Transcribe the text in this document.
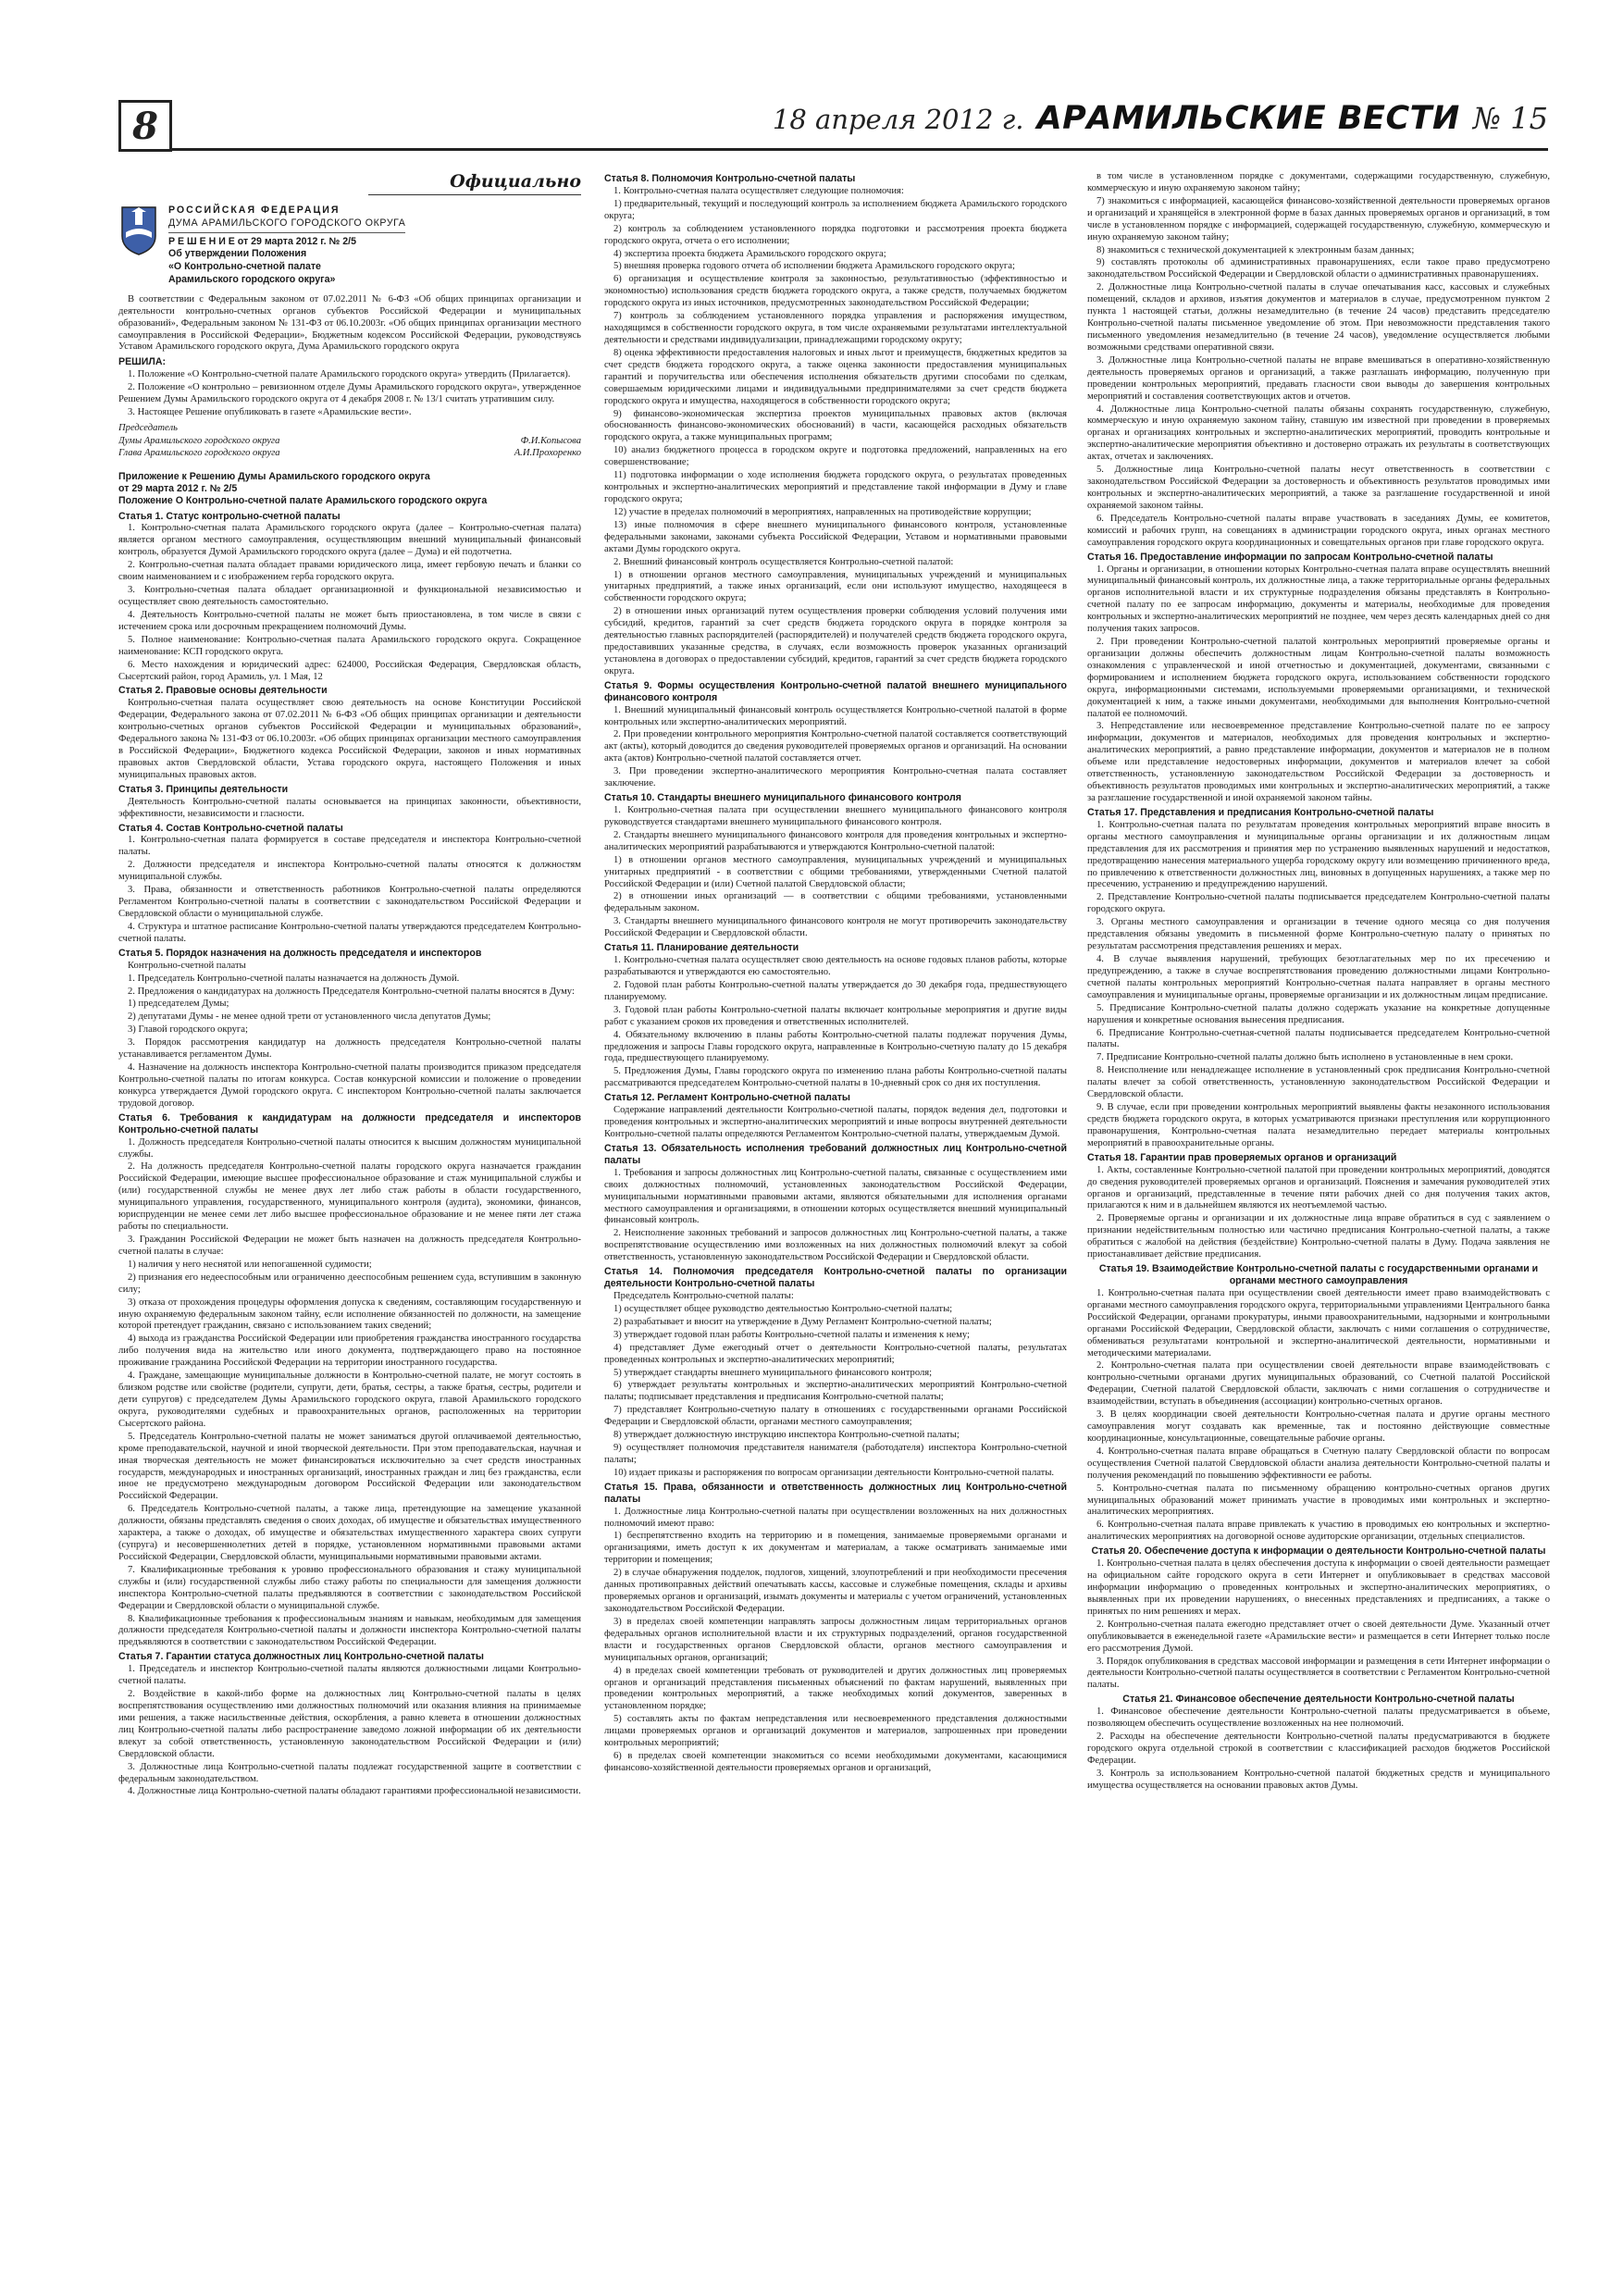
8	18 апреля 2012 г. АРАМИЛЬСКИЕ ВЕСТИ № 15
Официально
РОССИЙСКАЯ ФЕДЕРАЦИЯ
ДУМА АРАМИЛЬСКОГО ГОРОДСКОГО ОКРУГА
Р Е Ш Е Н И Е от 29 марта 2012 г. № 2/5
Об утверждении Положения
«О Контрольно-счетной палате
Арамильского городского округа»

В соответствии с Федеральным законом от 07.02.2011 № 6-ФЗ «Об общих принципах организации и деятельности контрольно-счетных органов субъектов Российской Федерации и муниципальных образований», Федеральным законом № 131-ФЗ от 06.10.2003г. «Об общих принципах организации местного самоуправления в Российской Федерации», Бюджетным кодексом Российской Федерации, руководствуясь Уставом Арамильского городского округа, Дума Арамильского городского округа

РЕШИЛА:

1. Положение «О Контрольно-счетной палате Арамильского городского округа» утвердить (Прилагается).

2. Положение «О контрольно – ревизионном отделе Думы Арамильского городского округа», утвержденное Решением Думы Арамильского городского округа от 4 декабря 2008 г. № 13/1 считать утратившим силу.

3. Настоящее Решение опубликовать в газете «Арамильские вести».

Председатель

Думы Арамильского городского округа	Ф.И.Копысова
Глава Арамильского городского округа	А.И.Прохоренко
Приложение к Решению Думы Арамильского городского округа
от 29 марта 2012 г. № 2/5
Положение О Контрольно-счетной палате Арамильского городского округа
Статья 1. Статус контрольно-счетной палаты

1. Контрольно-счетная палата Арамильского городского округа (далее – Контрольно-счетная палата) является органом местного самоуправления, осуществляющим внешний муниципальный финансовый контроль, образуется Думой Арамильского городского округа (далее – Дума) и ей подотчетна.

2. Контрольно-счетная палата обладает правами юридического лица, имеет гербовую печать и бланки со своим наименованием и с изображением герба городского округа.

3. Контрольно-счетная палата обладает организационной и функциональной независимостью и осуществляет свою деятельность самостоятельно.

4. Деятельность Контрольно-счетной палаты не может быть приостановлена, в том числе в связи с истечением срока или досрочным прекращением полномочий Думы.

5. Полное наименование: Контрольно-счетная палата Арамильского городского округа. Сокращенное наименование: КСП городского округа.

6. Место нахождения и юридический адрес: 624000, Российская Федерация, Свердловская область, Сысертский район, город Арамиль, ул. 1 Мая, 12

Статья 2. Правовые основы деятельности

Контрольно-счетная палата осуществляет свою деятельность на основе Конституции Российской Федерации, Федерального закона от 07.02.2011 № 6-ФЗ «Об общих принципах организации и деятельности контрольно-счетных органов субъектов Российской Федерации и муниципальных образований», Федерального закона № 131-ФЗ от 06.10.2003г. «Об общих принципах организации местного самоуправления в Российской Федерации», Бюджетного кодекса Российской Федерации, законов и иных нормативных правовых актов Свердловской области, Устава городского округа, настоящего Положения и иных муниципальных правовых актов.

Статья 3. Принципы деятельности

Деятельность Контрольно-счетной палаты основывается на принципах законности, объективности, эффективности, независимости и гласности.

Статья 4. Состав Контрольно-счетной палаты

1. Контрольно-счетная палата формируется в составе председателя и инспектора Контрольно-счетной палаты.

2. Должности председателя и инспектора Контрольно-счетной палаты относятся к должностям муниципальной службы.

3. Права, обязанности и ответственность работников Контрольно-счетной палаты определяются Регламентом Контрольно-счетной палаты в соответствии с законодательством Российской Федерации и Свердловской области о муниципальной службе.

4. Структура и штатное расписание Контрольно-счетной палаты утверждаются председателем Контрольно-счетной палаты.

Статья 5. Порядок назначения на должность председателя и инспекторов

Контрольно-счетной палаты

1. Председатель Контрольно-счетной палаты назначается на должность Думой.

2. Предложения о кандидатурах на должность Председателя Контрольно-счетной палаты вносятся в Думу:

1) председателем Думы;

2) депутатами Думы - не менее одной трети от установленного числа депутатов Думы;

3) Главой городского округа;

3. Порядок рассмотрения кандидатур на должность председателя Контрольно-счетной палаты устанавливается регламентом Думы.

4. Назначение на должность инспектора Контрольно-счетной палаты производится приказом председателя Контрольно-счетной палаты по итогам конкурса. Состав конкурсной комиссии и положение о проведении конкурса утверждается Думой городского округа. С инспектором Контрольно-счетной палаты заключается трудовой договор.

Статья 6. Требования к кандидатурам на должности председателя и инспекторов Контрольно-счетной палаты

1. Должность председателя Контрольно-счетной палаты относится к высшим должностям муниципальной службы.

2. На должность председателя Контрольно-счетной палаты городского округа назначается гражданин Российской Федерации, имеющие высшее профессиональное образование и стаж муниципальной службы и (или) государственной службы не менее двух лет либо стаж работы в области государственного, муниципального управления, государственного, муниципального контроля (аудита), экономики, финансов, юриспруденции не менее семи лет либо высшее профессиональное образование и не менее пяти лет стажа работы по специальности.

3. Гражданин Российской Федерации не может быть назначен на должность председателя Контрольно-счетной палаты в случае:

1) наличия у него неснятой или непогашенной судимости;

2) признания его недееспособным или ограниченно дееспособным решением суда, вступившим в законную силу;

3) отказа от прохождения процедуры оформления допуска к сведениям, составляющим государственную и иную охраняемую федеральным законом тайну, если исполнение обязанностей по должности, на замещение которой претендует гражданин, связано с использованием таких сведений;

4) выхода из гражданства Российской Федерации или приобретения гражданства иностранного государства либо получения вида на жительство или иного документа, подтверждающего право на постоянное проживание гражданина Российской Федерации на территории иностранного государства.

4. Граждане, замещающие муниципальные должности в Контрольно-счетной палате, не могут состоять в близком родстве или свойстве (родители, супруги, дети, братья, сестры, а также братья, сестры, родители и дети супругов) с председателем Думы Арамильского городского округа, главой Арамильского городского округа, руководителями судебных и правоохранительных органов, расположенных на территории Сысертского района.

5. Председатель Контрольно-счетной палаты не может заниматься другой оплачиваемой деятельностью, кроме преподавательской, научной и иной творческой деятельности. При этом преподавательская, научная и иная творческая деятельность не может финансироваться исключительно за счет средств иностранных государств, международных и иностранных организаций, иностранных граждан и лиц без гражданства, если иное не предусмотрено международным договором Российской Федерации или законодательством Российской Федерации.

6. Председатель Контрольно-счетной палаты, а также лица, претендующие на замещение указанной должности, обязаны представлять сведения о своих доходах, об имуществе и обязательствах имущественного характера, а также о доходах, об имуществе и обязательствах имущественного характера своих супруги (супруга) и несовершеннолетних детей в порядке, установленном нормативными правовыми актами Российской Федерации, Свердловской области, муниципальными нормативными правовыми актами.

7. Квалификационные требования к уровню профессионального образования и стажу муниципальной службы и (или) государственной службы либо стажу работы по специальности для замещения должности инспектора Контрольно-счетной палаты предъявляются в соответствии с законодательством Российской Федерации и Свердловской области о муниципальной службе.

8. Квалификационные требования к профессиональным знаниям и навыкам, необходимым для замещения должности председателя Контрольно-счетной палаты и должности инспектора Контрольно-счетной палаты предъявляются в соответствии с законодательством Российской Федерации.

Статья 7. Гарантии статуса должностных лиц Контрольно-счетной палаты

1. Председатель и инспектор Контрольно-счетной палаты являются должностными лицами Контрольно-счетной палаты.

2. Воздействие в какой-либо форме на должностных лиц Контрольно-счетной палаты в целях воспрепятствования осуществлению ими должностных полномочий или оказания влияния на принимаемые ими решения, а также насильственные действия, оскорбления, а равно клевета в отношении должностных лиц Контрольно-счетной палаты либо распространение заведомо ложной информации об их деятельности влекут за собой ответственность, установленную законодательством Российской Федерации и (или) Свердловской области.

3. Должностные лица Контрольно-счетной палаты подлежат государственной защите в соответствии с федеральным законодательством.

4. Должностные лица Контрольно-счетной палаты обладают гарантиями профессиональной независимости.

Статья 8. Полномочия Контрольно-счетной палаты

1. Контрольно-счетная палата осуществляет следующие полномочия:

1) предварительный, текущий и последующий контроль за исполнением бюджета Арамильского городского округа;

2) контроль за соблюдением установленного порядка подготовки и рассмотрения проекта бюджета городского округа, отчета о его исполнении;

4) экспертиза проекта бюджета Арамильского городского округа;

5) внешняя проверка годового отчета об исполнении бюджета Арамильского городского округа;

6) организация и осуществление контроля за законностью, результативностью (эффективностью и экономностью) использования средств бюджета городского округа, а также средств, получаемых бюджетом городского округа из иных источников, предусмотренных законодательством Российской Федерации;

7) контроль за соблюдением установленного порядка управления и распоряжения имуществом, находящимся в собственности городского округа, в том числе охраняемыми результатами интеллектуальной деятельности и средствами индивидуализации, принадлежащими городскому округу;

8) оценка эффективности предоставления налоговых и иных льгот и преимуществ, бюджетных кредитов за счет средств бюджета городского округа, а также оценка законности предоставления муниципальных гарантий и поручительства или обеспечения исполнения обязательств другими способами по сделкам, совершаемым юридическими лицами и индивидуальными предпринимателями за счет средств бюджета городского округа и имущества, находящегося в собственности городского округа;

9) финансово-экономическая экспертиза проектов муниципальных правовых актов (включая обоснованность финансово-экономических обоснований) в части, касающейся расходных обязательств городского округа, а также муниципальных программ;

10) анализ бюджетного процесса в городском округе и подготовка предложений, направленных на его совершенствование;

11) подготовка информации о ходе исполнения бюджета городского округа, о результатах проведенных контрольных и экспертно-аналитических мероприятий и представление такой информации в Думу и главе городского округа;

12) участие в пределах полномочий в мероприятиях, направленных на противодействие коррупции;

13) иные полномочия в сфере внешнего муниципального финансового контроля, установленные федеральными законами, законами субъекта Российской Федерации, Уставом и нормативными правовыми актами Думы городского округа.

2. Внешний финансовый контроль осуществляется Контрольно-счетной палатой:

1) в отношении органов местного самоуправления, муниципальных учреждений и муниципальных унитарных предприятий, а также иных организаций, если они используют имущество, находящееся в собственности городского округа;

2) в отношении иных организаций путем осуществления проверки соблюдения условий получения ими субсидий, кредитов, гарантий за счет средств бюджета городского округа в порядке контроля за деятельностью главных распорядителей (распорядителей) и получателей средств бюджета городского округа, предоставивших указанные средства, в случаях, если возможность проверок указанных организаций установлена в договорах о предоставлении субсидий, кредитов, гарантий за счет средств бюджета городского округа.

Статья 9. Формы осуществления Контрольно-счетной палатой внешнего муниципального финансового контроля

1. Внешний муниципальный финансовый контроль осуществляется Контрольно-счетной палатой в форме контрольных или экспертно-аналитических мероприятий.

2. При проведении контрольного мероприятия Контрольно-счетной палатой составляется соответствующий акт (акты), который доводится до сведения руководителей проверяемых органов и организаций. На основании акта (актов) Контрольно-счетной палатой составляется отчет.

3. При проведении экспертно-аналитического мероприятия Контрольно-счетная палата составляет заключение.

Статья 10. Стандарты внешнего муниципального финансового контроля

1. Контрольно-счетная палата при осуществлении внешнего муниципального финансового контроля руководствуется стандартами внешнего муниципального финансового контроля.

2. Стандарты внешнего муниципального финансового контроля для проведения контрольных и экспертно-аналитических мероприятий разрабатываются и утверждаются Контрольно-счетной палатой:

1) в отношении органов местного самоуправления, муниципальных учреждений и муниципальных унитарных предприятий - в соответствии с общими требованиями, утвержденными Счетной палатой Российской Федерации и (или) Счетной палатой Свердловской области;

2) в отношении иных организаций — в соответствии с общими требованиями, установленными федеральным законом.

3. Стандарты внешнего муниципального финансового контроля не могут противоречить законодательству Российской Федерации и Свердловской области.

Статья 11. Планирование деятельности

1. Контрольно-счетная палата осуществляет свою деятельность на основе годовых планов работы, которые разрабатываются и утверждаются ею самостоятельно.

2. Годовой план работы Контрольно-счетной палаты утверждается до 30 декабря года, предшествующего планируемому.

3. Годовой план работы Контрольно-счетной палаты включает контрольные мероприятия и другие виды работ с указанием сроков их проведения и ответственных исполнителей.

4. Обязательному включению в планы работы Контрольно-счетной палаты подлежат поручения Думы, предложения и запросы Главы городского округа, направленные в Контрольно-счетную палату до 15 декабря года, предшествующего планируемому.

5. Предложения Думы, Главы городского округа по изменению плана работы Контрольно-счетной палаты рассматриваются председателем Контрольно-счетной палаты в 10-дневный срок со дня их поступления.

Статья 12. Регламент Контрольно-счетной палаты

Содержание направлений деятельности Контрольно-счетной палаты, порядок ведения дел, подготовки и проведения контрольных и экспертно-аналитических мероприятий и иные вопросы внутренней деятельности Контрольно-счетной палаты определяются Регламентом Контрольно-счетной палаты, утверждаемым Думой.

Статья 13. Обязательность исполнения требований должностных лиц Контрольно-счетной палаты

1. Требования и запросы должностных лиц Контрольно-счетной палаты, связанные с осуществлением ими своих должностных полномочий, установленных законодательством Российской Федерации, муниципальными нормативными правовыми актами, являются обязательными для исполнения органами местного самоуправления и организациями, в отношении которых осуществляется внешний муниципальный финансовый контроль.

2. Неисполнение законных требований и запросов должностных лиц Контрольно-счетной палаты, а также воспрепятствование осуществлению ими возложенных на них должностных полномочий влекут за собой ответственность, установленную законодательством Российской Федерации и Свердловской области.

Статья 14. Полномочия председателя Контрольно-счетной палаты по организации деятельности Контрольно-счетной палаты

Председатель Контрольно-счетной палаты:

1) осуществляет общее руководство деятельностью Контрольно-счетной палаты;

2) разрабатывает и вносит на утверждение в Думу Регламент Контрольно-счетной палаты;

3) утверждает годовой план работы Контрольно-счетной палаты и изменения к нему;

4) представляет Думе ежегодный отчет о деятельности Контрольно-счетной палаты, результатах проведенных контрольных и экспертно-аналитических мероприятий;

5) утверждает стандарты внешнего муниципального финансового контроля;

6) утверждает результаты контрольных и экспертно-аналитических мероприятий Контрольно-счетной палаты; подписывает представления и предписания Контрольно-счетной палаты;

7) представляет Контрольно-счетную палату в отношениях с государственными органами Российской Федерации и Свердловской области, органами местного самоуправления;

8) утверждает должностную инструкцию инспектора Контрольно-счетной палаты;

9) осуществляет полномочия представителя нанимателя (работодателя) инспектора Контрольно-счетной палаты;

10) издает приказы и распоряжения по вопросам организации деятельности Контрольно-счетной палаты.

Статья 15. Права, обязанности и ответственность должностных лиц Контрольно-счетной палаты

1. Должностные лица Контрольно-счетной палаты при осуществлении возложенных на них должностных полномочий имеют право:

1) беспрепятственно входить на территорию и в помещения, занимаемые проверяемыми органами и организациями, иметь доступ к их документам и материалам, а также осматривать занимаемые ими территории и помещения;

2) в случае обнаружения подделок, подлогов, хищений, злоупотреблений и при необходимости пресечения данных противоправных действий опечатывать кассы, кассовые и служебные помещения, склады и архивы проверяемых органов и организаций, изымать документы и материалы с учетом ограничений, установленных законодательством Российской Федерации.

3) в пределах своей компетенции направлять запросы должностным лицам территориальных органов федеральных органов исполнительной власти и их структурных подразделений, органов государственной власти и государственных органов Свердловской области, органов местного самоуправления и муниципальных органов, организаций;

4) в пределах своей компетенции требовать от руководителей и других должностных лиц проверяемых органов и организаций представления письменных объяснений по фактам нарушений, выявленных при проведении контрольных мероприятий, а также необходимых копий документов, заверенных в установленном порядке;

5) составлять акты по фактам непредставления или несвоевременного представления должностными лицами проверяемых органов и организаций документов и материалов, запрошенных при проведении контрольных мероприятий;

6) в пределах своей компетенции знакомиться со всеми необходимыми документами, касающимися финансово-хозяйственной деятельности проверяемых органов и организаций,

в том числе в установленном порядке с документами, содержащими государственную, служебную, коммерческую и иную охраняемую законом тайну;

7) знакомиться с информацией, касающейся финансово-хозяйственной деятельности проверяемых органов и организаций и хранящейся в электронной форме в базах данных проверяемых органов и организаций, в том числе в установленном порядке с информацией, содержащей государственную, служебную, коммерческую и иную охраняемую законом тайну;

8) знакомиться с технической документацией к электронным базам данных;

9) составлять протоколы об административных правонарушениях, если такое право предусмотрено законодательством Российской Федерации и Свердловской области о административных правонарушениях.

2. Должностные лица Контрольно-счетной палаты в случае опечатывания касс, кассовых и служебных помещений, складов и архивов, изъятия документов и материалов в случае, предусмотренном пунктом 2 пункта 1 настоящей статьи, должны незамедлительно (в течение 24 часов) представить председателю Контрольно-счетной палаты письменное уведомление об этом. При невозможности представления такого письменного уведомления незамедлительно (в течение 24 часов), уведомление осуществляется любыми возможными средствами оперативной связи.

3. Должностные лица Контрольно-счетной палаты не вправе вмешиваться в оперативно-хозяйственную деятельность проверяемых органов и организаций, а также разглашать информацию, полученную при проведении контрольных мероприятий, предавать гласности свои выводы до завершения контрольных мероприятий и составления соответствующих актов и отчетов.

4. Должностные лица Контрольно-счетной палаты обязаны сохранять государственную, служебную, коммерческую и иную охраняемую законом тайну, ставшую им известной при проведении в проверяемых органах и организациях контрольных и экспертно-аналитических мероприятий, проводить контрольные и экспертно-аналитические мероприятия объективно и достоверно отражать их результаты в соответствующих актах, отчетах и заключениях.

5. Должностные лица Контрольно-счетной палаты несут ответственность в соответствии с законодательством Российской Федерации за достоверность и объективность результатов проводимых ими контрольных и экспертно-аналитических мероприятий, а также за разглашение государственной и иной охраняемой законом тайны.

6. Председатель Контрольно-счетной палаты вправе участвовать в заседаниях Думы, ее комитетов, комиссий и рабочих групп, на совещаниях в администрации городского округа, иных органах местного самоуправления городского округа координационных и совещательных органов при главе городского округа.

Статья 16. Предоставление информации по запросам Контрольно-счетной палаты

1. Органы и организации, в отношении которых Контрольно-счетная палата вправе осуществлять внешний муниципальный финансовый контроль, их должностные лица, а также территориальные органы федеральных органов исполнительной власти и их структурные подразделения обязаны представлять в Контрольно-счетной палату по ее запросам информацию, документы и материалы, необходимые для проведения контрольных и экспертно-аналитических мероприятий не позднее, чем через десять календарных дней со дня получения таких запросов.

2. При проведении Контрольно-счетной палатой контрольных мероприятий проверяемые органы и организации должны обеспечить должностным лицам Контрольно-счетной палаты возможность ознакомления с управленческой и иной отчетностью и документацией, документами, связанными с формированием и исполнением бюджета городского округа, использованием собственности городского округа, информационными системами, используемыми проверяемыми организациями, и технической документацией к ним, а также иными документами, необходимыми для выполнения Контрольно-счетной палатой ее полномочий.

3. Непредставление или несвоевременное представление Контрольно-счетной палате по ее запросу информации, документов и материалов, необходимых для проведения контрольных и экспертно-аналитических мероприятий, а равно представление информации, документов и материалов не в полном объеме или представление недостоверных информации, документов и материалов влечет за собой ответственность, установленную законодательством Российской Федерации за достоверность и объективность результатов проводимых ими контрольных и экспертно-аналитических мероприятий, а также за разглашение государственной и иной охраняемой законом тайны.

Статья 17. Представления и предписания Контрольно-счетной палаты

1. Контрольно-счетная палата по результатам проведения контрольных мероприятий вправе вносить в органы местного самоуправления и муниципальные органы организации и их должностным лицам представления для их рассмотрения и принятия мер по устранению выявленных нарушений и недостатков, предотвращению нанесения материального ущерба городскому округу или возмещению причиненного вреда, по привлечению к ответственности должностных лиц, виновных в допущенных нарушениях, а также мер по пресечению, устранению и предупреждению нарушений.

2. Представление Контрольно-счетной палаты подписывается председателем Контрольно-счетной палаты городского округа.

3. Органы местного самоуправления и организации в течение одного месяца со дня получения представления обязаны уведомить в письменной форме Контрольно-счетную палату о принятых по результатам рассмотрения представления решениях и мерах.

4. В случае выявления нарушений, требующих безотлагательных мер по их пресечению и предупреждению, а также в случае воспрепятствования проведению должностными лицами Контрольно-счетной палаты контрольных мероприятий Контрольно-счетная палата направляет в органы местного самоуправления и муниципальные органы, проверяемые организации и их должностным лицам предписание.

5. Предписание Контрольно-счетной палаты должно содержать указание на конкретные допущенные нарушения и конкретные основания вынесения предписания.

6. Предписание Контрольно-счетная-счетной палаты подписывается председателем Контрольно-счетной палаты.

7. Предписание Контрольно-счетной палаты должно быть исполнено в установленные в нем сроки.

8. Неисполнение или ненадлежащее исполнение в установленный срок предписания Контрольно-счетной палаты влечет за собой ответственность, установленную законодательством Российской Федерации и Свердловской области.

9. В случае, если при проведении контрольных мероприятий выявлены факты незаконного использования средств бюджета городского округа, в которых усматриваются признаки преступления или коррупционного правонарушения, Контрольно-счетная палата незамедлительно передает материалы контрольных мероприятий в правоохранительные органы.

Статья 18. Гарантии прав проверяемых органов и организаций

1. Акты, составленные Контрольно-счетной палатой при проведении контрольных мероприятий, доводятся до сведения руководителей проверяемых органов и организаций. Пояснения и замечания руководителей этих органов и организаций, представленные в течение пяти рабочих дней со дня получения таких актов, прилагаются к ним и в дальнейшем являются их неотъемлемой частью.

2. Проверяемые органы и организации и их должностные лица вправе обратиться в суд с заявлением о признании недействительным полностью или частично предписания Контрольно-счетной палаты, а также обратиться с жалобой на действия (бездействие) Контрольно-счетной палаты в Думу. Подача заявления не приостанавливает действие предписания.

Статья 19. Взаимодействие Контрольно-счетной палаты с государственными органами и органами местного самоуправления

1. Контрольно-счетная палата при осуществлении своей деятельности имеет право взаимодействовать с органами местного самоуправления городского округа, территориальными управлениями Центрального банка Российской Федерации, органами прокуратуры, иными правоохранительными, надзорными и контрольными органами Российской Федерации, Свердловской области, заключать с ними соглашения о сотрудничестве, обмениваться результатами контрольной и экспертно-аналитической деятельности, нормативными и методическими материалами.

2. Контрольно-счетная палата при осуществлении своей деятельности вправе взаимодействовать с контрольно-счетными органами других муниципальных образований, со Счетной палатой Российской Федерации, Счетной палатой Свердловской области, заключать с ними соглашения о сотрудничестве и взаимодействии, вступать в объединения (ассоциации) контрольно-счетных органов.

3. В целях координации своей деятельности Контрольно-счетная палата и другие органы местного самоуправления могут создавать как временные, так и постоянно действующие совместные координационные, консультационные, совещательные рабочие органы.

4. Контрольно-счетная палата вправе обращаться в Счетную палату Свердловской области по вопросам осуществления Счетной палатой Свердловской области анализа деятельности Контрольно-счетной палаты и получения рекомендаций по повышению эффективности ее работы.

5. Контрольно-счетная палата по письменному обращению контрольно-счетных органов других муниципальных образований может принимать участие в проводимых ими контрольных и экспертно-аналитических мероприятиях.

6. Контрольно-счетная палата вправе привлекать к участию в проводимых ею контрольных и экспертно-аналитических мероприятиях на договорной основе аудиторские организации, отдельных специалистов.

Статья 20. Обеспечение доступа к информации о деятельности Контрольно-счетной палаты

1. Контрольно-счетная палата в целях обеспечения доступа к информации о своей деятельности размещает на официальном сайте городского округа в сети Интернет и опубликовывает в средствах массовой информации информацию о проведенных контрольных и экспертно-аналитических мероприятиях, о выявленных при их проведении нарушениях, о внесенных представлениях и предписаниях, а также о принятых по ним решениях и мерах.

2. Контрольно-счетная палата ежегодно представляет отчет о своей деятельности Думе. Указанный отчет опубликовывается в еженедельной газете «Арамильские вести» и размещается в сети Интернет только после его рассмотрения Думой.

3. Порядок опубликования в средствах массовой информации и размещения в сети Интернет информации о деятельности Контрольно-счетной палаты осуществляется в соответствии с Регламентом Контрольно-счетной палаты.

Статья 21. Финансовое обеспечение деятельности Контрольно-счетной палаты

1. Финансовое обеспечение деятельности Контрольно-счетной палаты предусматривается в объеме, позволяющем обеспечить осуществление возложенных на нее полномочий.

2. Расходы на обеспечение деятельности Контрольно-счетной палаты предусматриваются в бюджете городского округа отдельной строкой в соответствии с классификацией расходов бюджетов Российской Федерации.

3. Контроль за использованием Контрольно-счетной палатой бюджетных средств и муниципального имущества осуществляется на основании правовых актов Думы.
